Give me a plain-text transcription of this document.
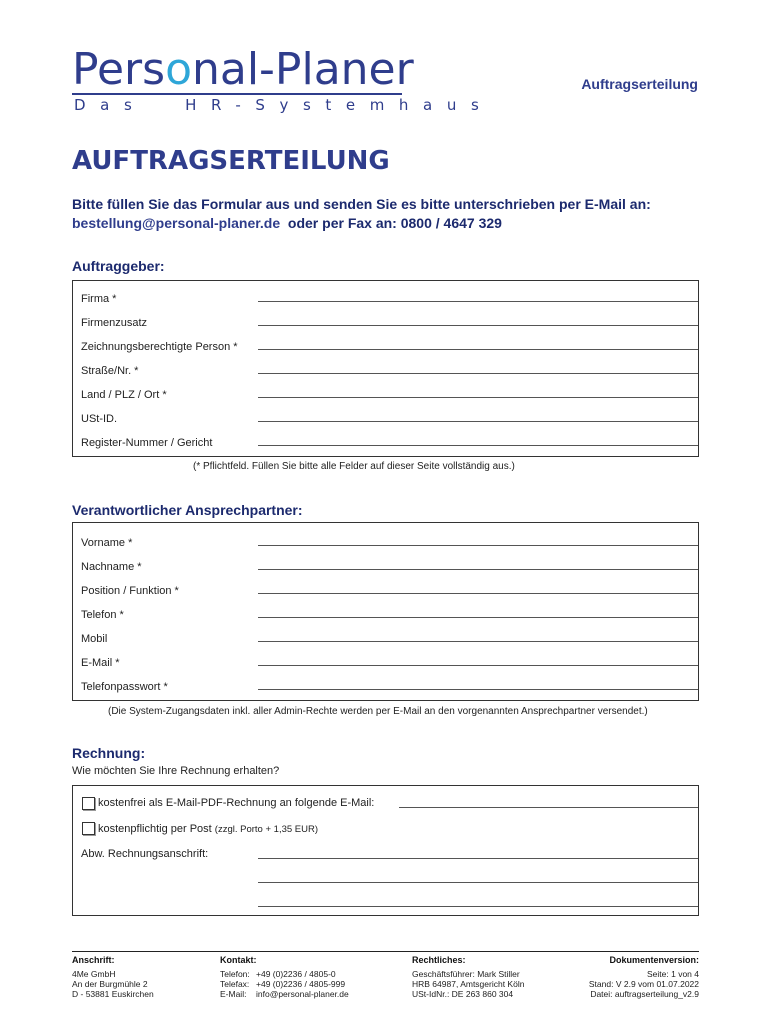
Personal-Planer
Das  HR-Systemhaus
Auftragserteilung
AUFTRAGSERTEILUNG
Bitte füllen Sie das Formular aus und senden Sie es bitte unterschrieben per E-Mail an:
bestellung@personal-planer.de oder per Fax an: 0800 / 4647 329
Auftraggeber:
Firma *
Firmenzusatz
Zeichnungsberechtigte Person *
Straße/Nr. *
Land / PLZ / Ort *
USt-ID.
Register-Nummer / Gericht
(* Pflichtfeld. Füllen Sie bitte alle Felder auf dieser Seite vollständig aus.)
Verantwortlicher Ansprechpartner:
Vorname *
Nachname *
Position / Funktion *
Telefon *
Mobil
E-Mail *
Telefonpasswort *
(Die System-Zugangsdaten inkl. aller Admin-Rechte werden per E-Mail an den vorgenannten Ansprechpartner versendet.)
Rechnung:
Wie möchten Sie Ihre Rechnung erhalten?
kostenfrei als E-Mail-PDF-Rechnung an folgende E-Mail:
kostenpflichtig per Post (zzgl. Porto + 1,35 EUR)
Abw. Rechnungsanschrift:
Anschrift:
4Me GmbH
An der Burgmühle 2
D - 53881 Euskirchen
Kontakt:
Telefon:
Telefax:
E-Mail:
+49 (0)2236 / 4805-0
+49 (0)2236 / 4805-999
info@personal-planer.de
Rechtliches:
Geschäftsführer: Mark Stiller
HRB 64987, Amtsgericht Köln
USt-IdNr.: DE 263 860 304
Dokumentenversion:
Seite: 1 von 4
Stand: V 2.9 vom 01.07.2022
Datei: auftragserteilung_v2.9
